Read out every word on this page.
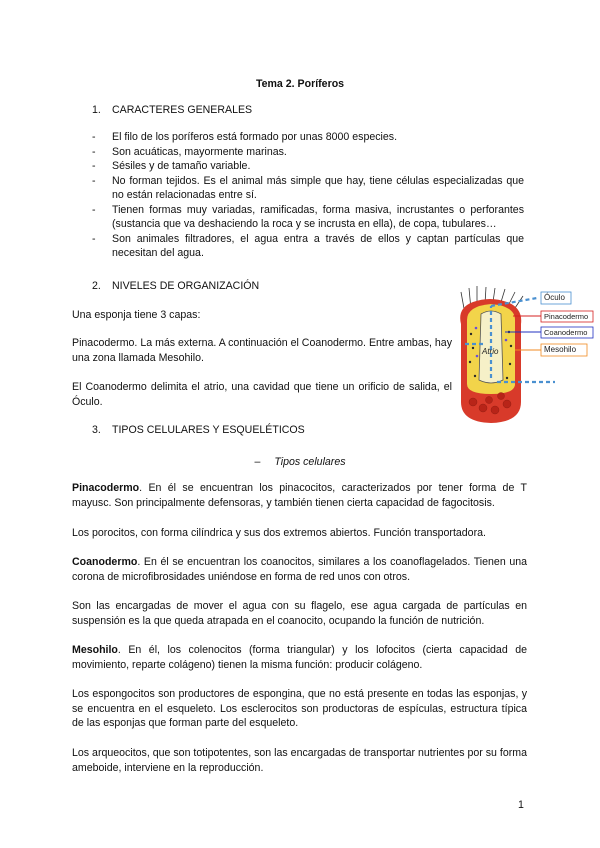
Tema 2. Poríferos
1. CARACTERES GENERALES
- El filo de los poríferos está formado por unas 8000 especies.
- Son acuáticas, mayormente marinas.
- Sésiles y de tamaño variable.
- No forman tejidos. Es el animal más simple que hay, tiene células especializadas que no están relacionadas entre sí.
- Tienen formas muy variadas, ramificadas, forma masiva, incrustantes o perforantes (sustancia que va deshaciendo la roca y se incrusta en ella), de copa, tubulares…
- Son animales filtradores, el agua entra a través de ellos y captan partículas que necesitan del agua.
2. NIVELES DE ORGANIZACIÓN
Una esponja tiene 3 capas:
Pinacodermo. La más externa. A continuación el Coanodermo. Entre ambas, hay una zona llamada Mesohilo.
El Coanodermo delimita el atrio, una cavidad que tiene un orificio de salida, el Óculo.
Óculo
Pinacodermo
Coanodermo
Mesohilo
Atrio
3. TIPOS CELULARES Y ESQUELÉTICOS
– Tipos celulares
Pinacodermo. En él se encuentran los pinacocitos, caracterizados por tener forma de T mayusc. Son principalmente defensoras, y también tienen cierta capacidad de fagocitosis.
Los porocitos, con forma cilíndrica y sus dos extremos abiertos. Función transportadora.
Coanodermo. En él se encuentran los coanocitos, similares a los coanoflagelados. Tienen una corona de microfibrosidades uniéndose en forma de red unos con otros.
Son las encargadas de mover el agua con su flagelo, ese agua cargada de partículas en suspensión es la que queda atrapada en el coanocito, ocupando la función de nutrición.
Mesohilo. En él, los colenocitos (forma triangular) y los lofocitos (cierta capacidad de movimiento, reparte colágeno) tienen la misma función: producir colágeno.
Los espongocitos son productores de espongina, que no está presente en todas las esponjas, y se encuentra en el esqueleto. Los esclerocitos son productoras de espículas, estructura típica de las esponjas que forman parte del esqueleto.
Los arqueocitos, que son totipotentes, son las encargadas de transportar nutrientes por su forma ameboide, interviene en la reproducción.
1
